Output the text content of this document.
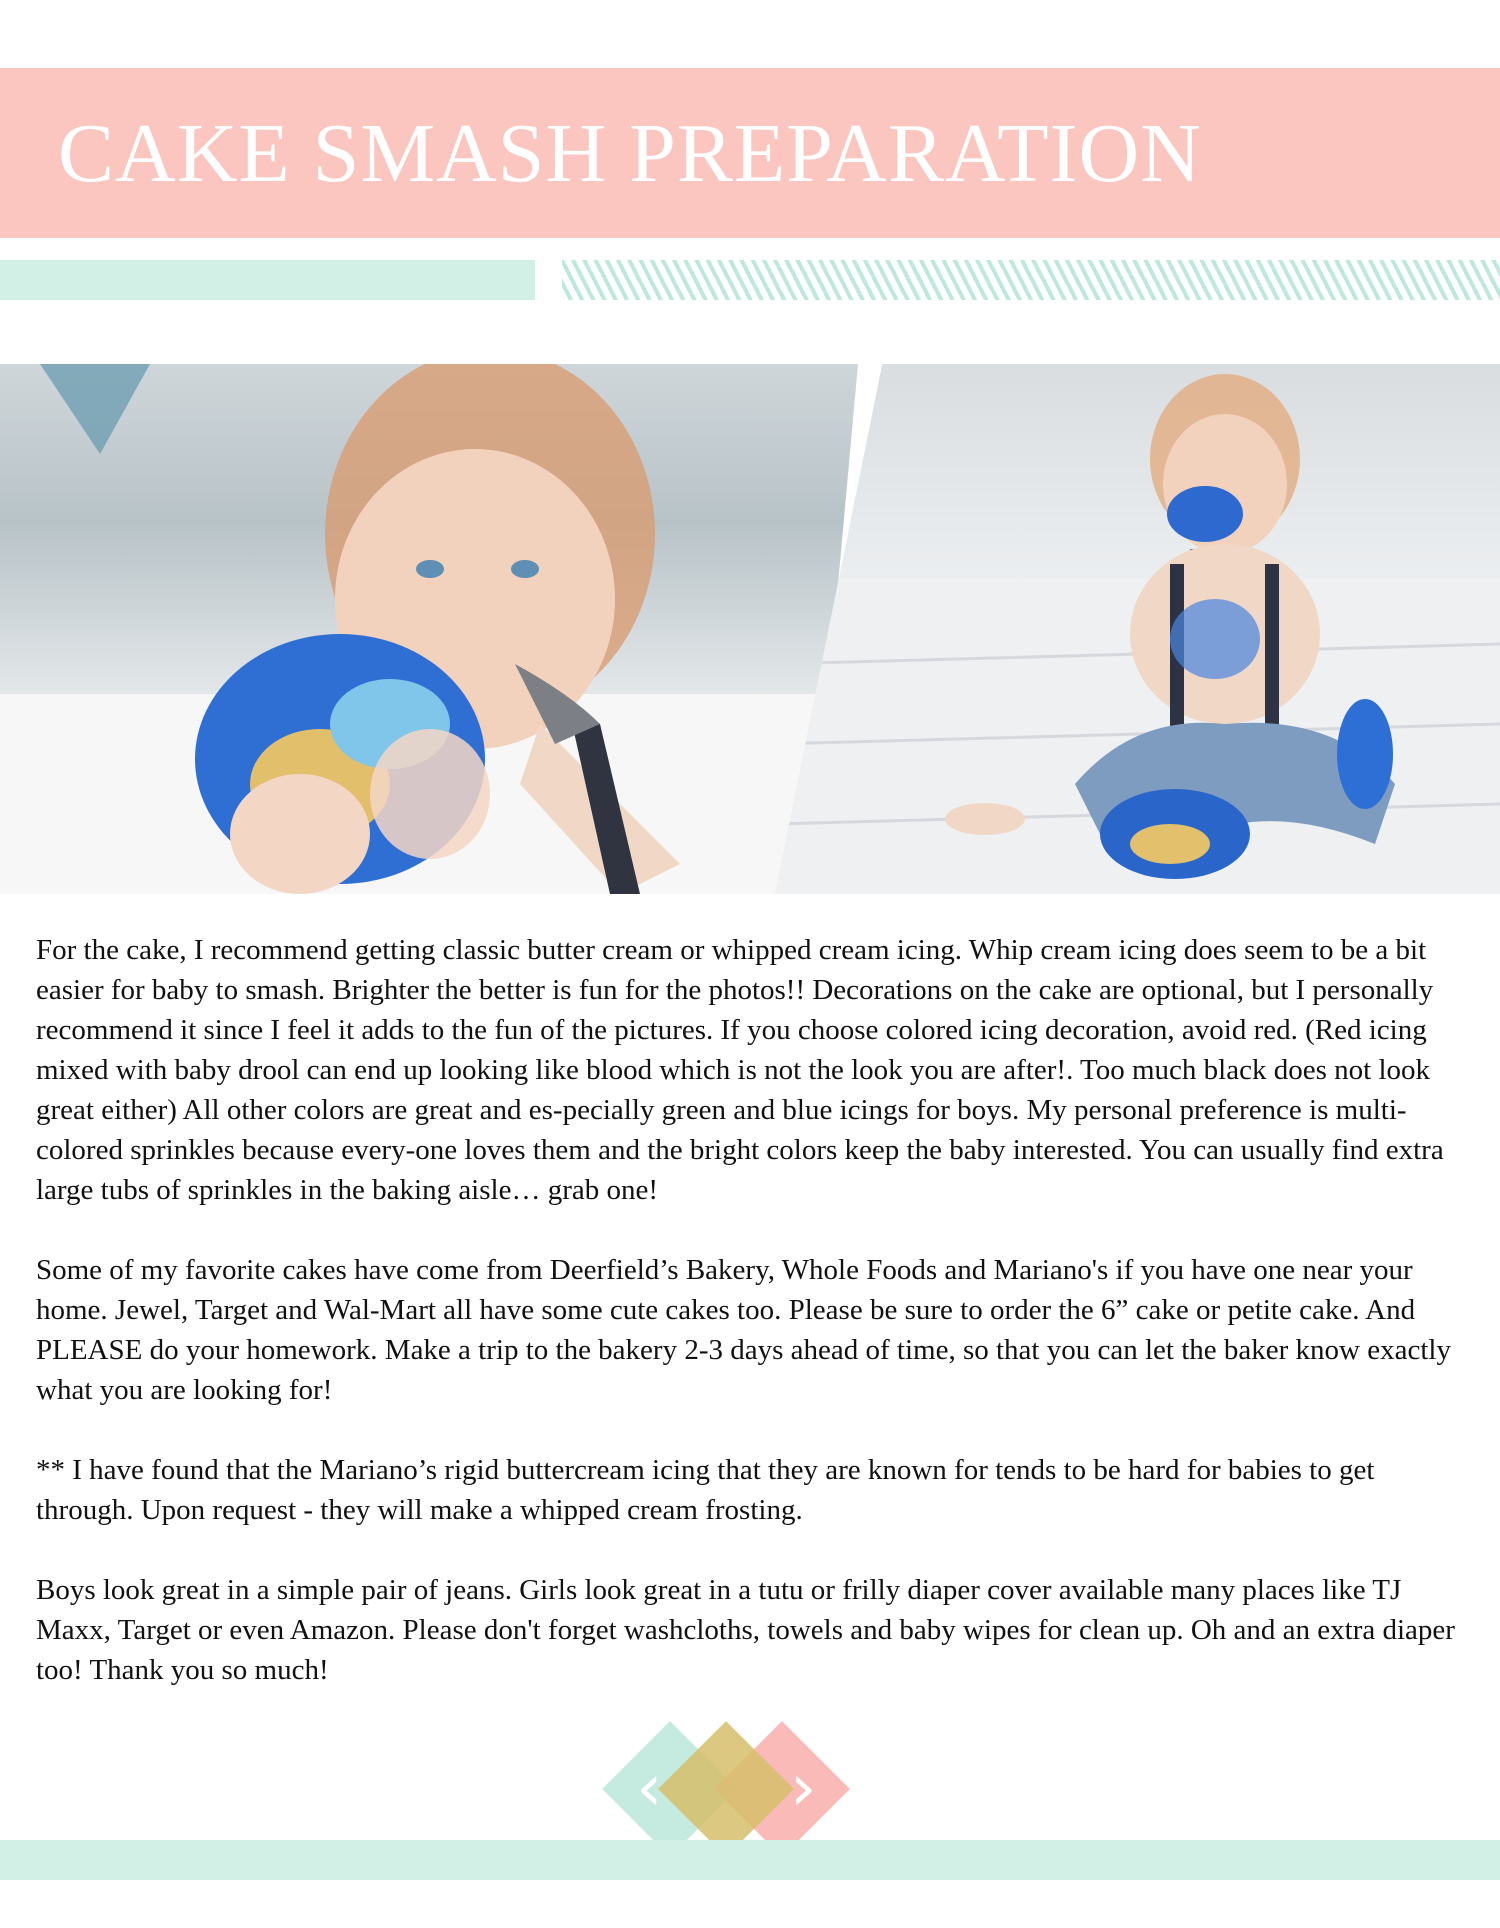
CAKE SMASH PREPARATION

For the cake, I recommend getting classic butter cream or whipped cream icing. Whip cream icing does seem to be a bit easier for baby to smash. Brighter the better is fun for the photos!! Decorations on the cake are optional, but I personally recommend it since I feel it adds to the fun of the pictures. If you choose colored icing decoration, avoid red. (Red icing mixed with baby drool can end up looking like blood which is not the look you are after!. Too much black does not look great either) All other colors are great and es-pecially green and blue icings for boys. My personal preference is multi-colored sprinkles because every-one loves them and the bright colors keep the baby interested. You can usually find extra large tubs of sprinkles in the baking aisle… grab one!

Some of my favorite cakes have come from Deerfield’s Bakery, Whole Foods and Mariano's if you have one near your home. Jewel, Target and Wal-Mart all have some cute cakes too. Please be sure to order the 6” cake or petite cake. And PLEASE do your homework. Make a trip to the bakery 2-3 days ahead of time, so that you can let the baker know exactly what you are looking for!

** I have found that the Mariano’s rigid buttercream icing that they are known for tends to be hard for babies to get through. Upon request - they will make a whipped cream frosting.

Boys look great in a simple pair of jeans. Girls look great in a tutu or frilly diaper cover available many places like TJ Maxx, Target or even Amazon. Please don't forget washcloths, towels and baby wipes for clean up. Oh and an extra diaper too! Thank you so much!

‹ ›
